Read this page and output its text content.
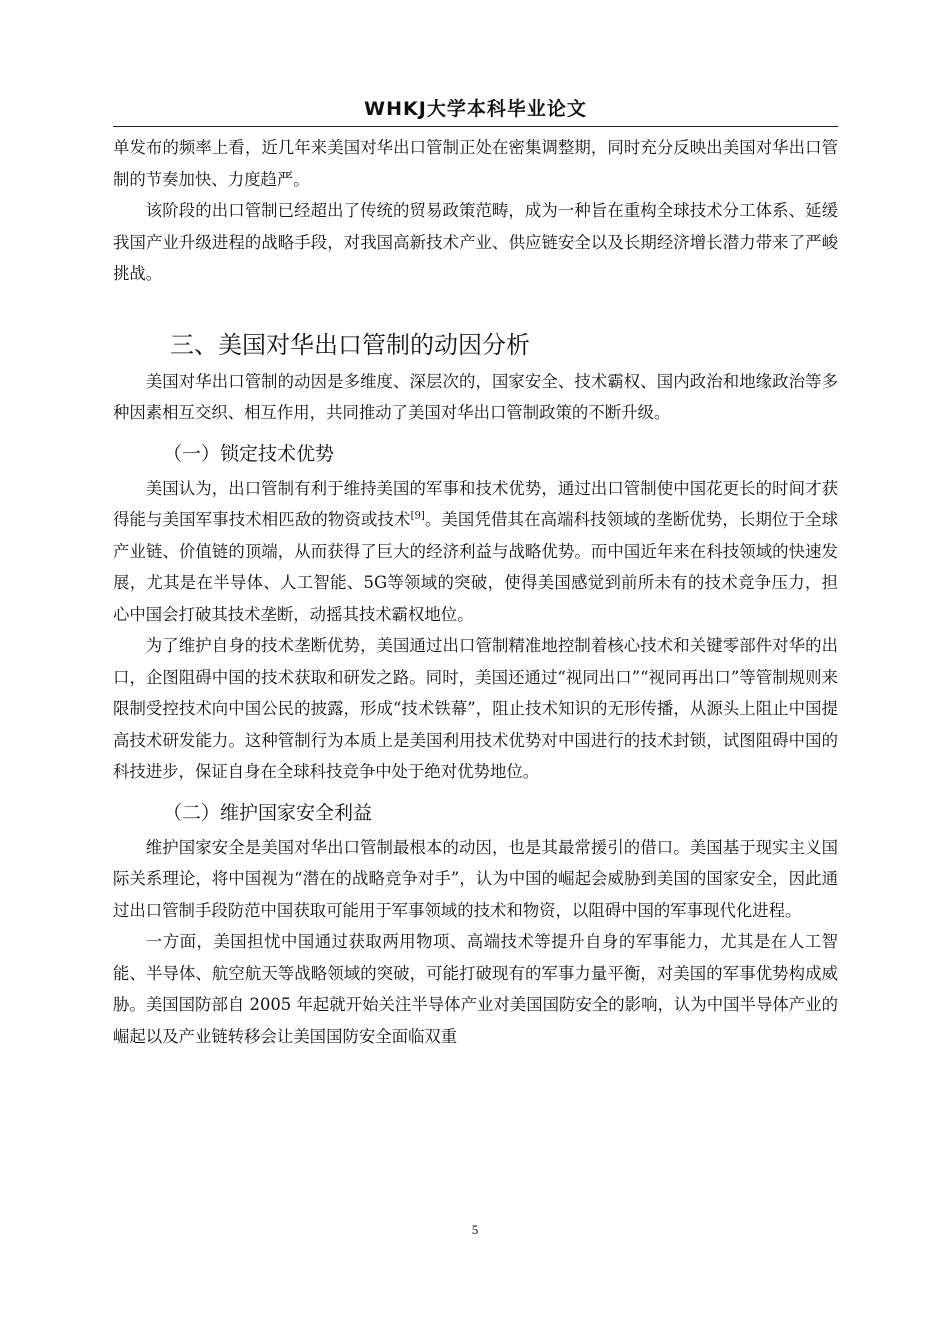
WHKJ大学本科毕业论文

单发布的频率上看，近几年来美国对华出口管制正处在密集调整期，同时充分反映出美国对华出口管制的节奏加快、力度趋严。

该阶段的出口管制已经超出了传统的贸易政策范畴，成为一种旨在重构全球技术分工体系、延缓我国产业升级进程的战略手段，对我国高新技术产业、供应链安全以及长期经济增长潜力带来了严峻挑战。

三、美国对华出口管制的动因分析

美国对华出口管制的动因是多维度、深层次的，国家安全、技术霸权、国内政治和地缘政治等多种因素相互交织、相互作用，共同推动了美国对华出口管制政策的不断升级。

（一）锁定技术优势

美国认为，出口管制有利于维持美国的军事和技术优势，通过出口管制使中国花更长的时间才获得能与美国军事技术相匹敌的物资或技术[9]。美国凭借其在高端科技领域的垄断优势，长期位于全球产业链、价值链的顶端，从而获得了巨大的经济利益与战略优势。而中国近年来在科技领域的快速发展，尤其是在半导体、人工智能、5G等领域的突破，使得美国感觉到前所未有的技术竞争压力，担心中国会打破其技术垄断，动摇其技术霸权地位。

为了维护自身的技术垄断优势，美国通过出口管制精准地控制着核心技术和关键零部件对华的出口，企图阻碍中国的技术获取和研发之路。同时，美国还通过“视同出口”“视同再出口”等管制规则来限制受控技术向中国公民的披露，形成“技术铁幕”，阻止技术知识的无形传播，从源头上阻止中国提高技术研发能力。这种管制行为本质上是美国利用技术优势对中国进行的技术封锁，试图阻碍中国的科技进步，保证自身在全球科技竞争中处于绝对优势地位。

（二）维护国家安全利益

维护国家安全是美国对华出口管制最根本的动因，也是其最常援引的借口。美国基于现实主义国际关系理论，将中国视为“潜在的战略竞争对手”，认为中国的崛起会威胁到美国的国家安全，因此通过出口管制手段防范中国获取可能用于军事领域的技术和物资，以阻碍中国的军事现代化进程。

一方面，美国担忧中国通过获取两用物项、高端技术等提升自身的军事能力，尤其是在人工智能、半导体、航空航天等战略领域的突破，可能打破现有的军事力量平衡，对美国的军事优势构成威胁。美国国防部自 2005 年起就开始关注半导体产业对美国国防安全的影响，认为中国半导体产业的崛起以及产业链转移会让美国国防安全面临双重

5
